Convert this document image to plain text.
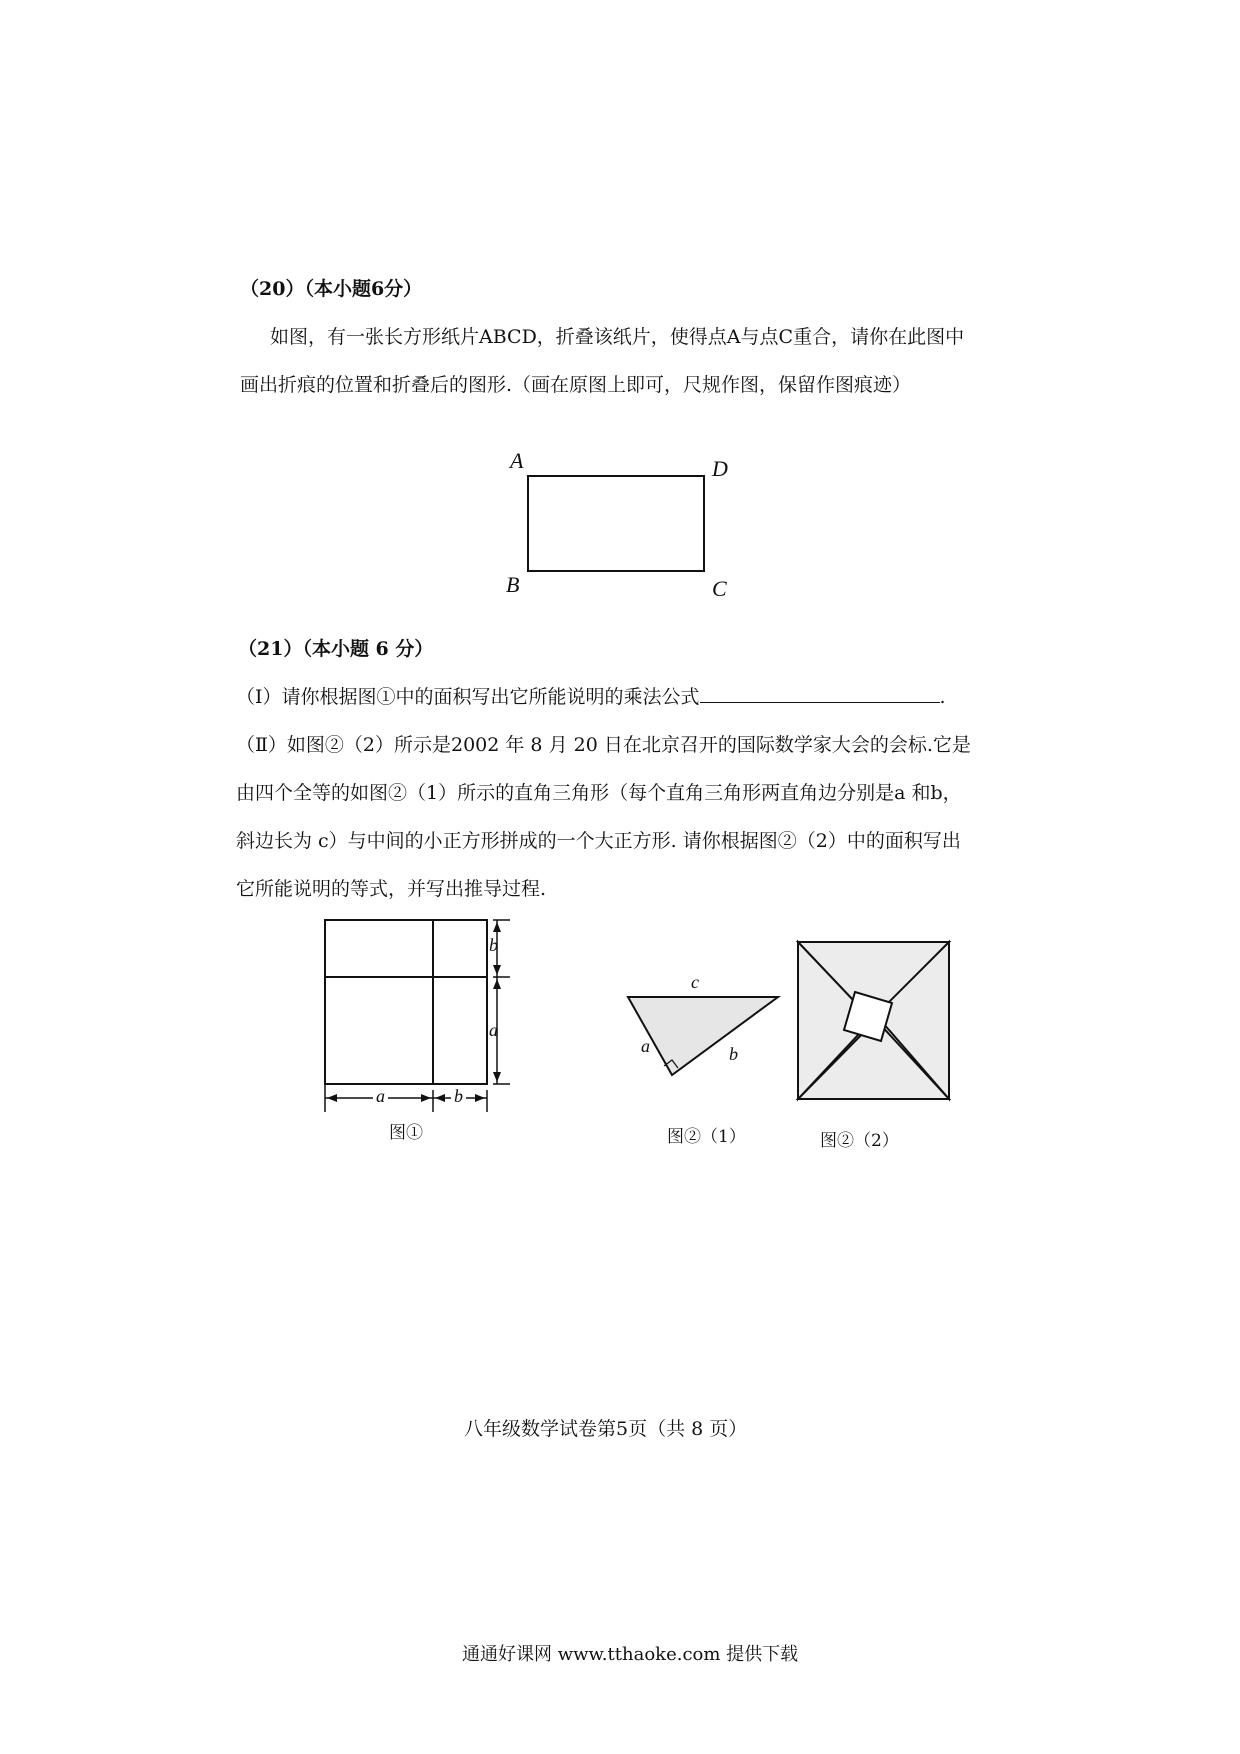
（20）（本小题6分）
如图，有一张长方形纸片ABCD，折叠该纸片，使得点A与点C重合，请你在此图中
画出折痕的位置和折叠后的图形.（画在原图上即可，尺规作图，保留作图痕迹）
A	D
B	C
（21）（本小题 6 分）
（Ⅰ）请你根据图①中的面积写出它所能说明的乘法公式	.
（Ⅱ）如图②（2）所示是2002 年 8 月 20 日在北京召开的国际数学家大会的会标.它是
由四个全等的如图②（1）所示的直角三角形（每个直角三角形两直角边分别是a 和b，
斜边长为 c）与中间的小正方形拼成的一个大正方形. 请你根据图②（2）中的面积写出
它所能说明的等式，并写出推导过程.
b
a
a	b
图①
c
a	b
图②（1）	图②（2）
八年级数学试卷第5页（共 8 页）
通通好课网 www.tthaoke.com 提供下载
